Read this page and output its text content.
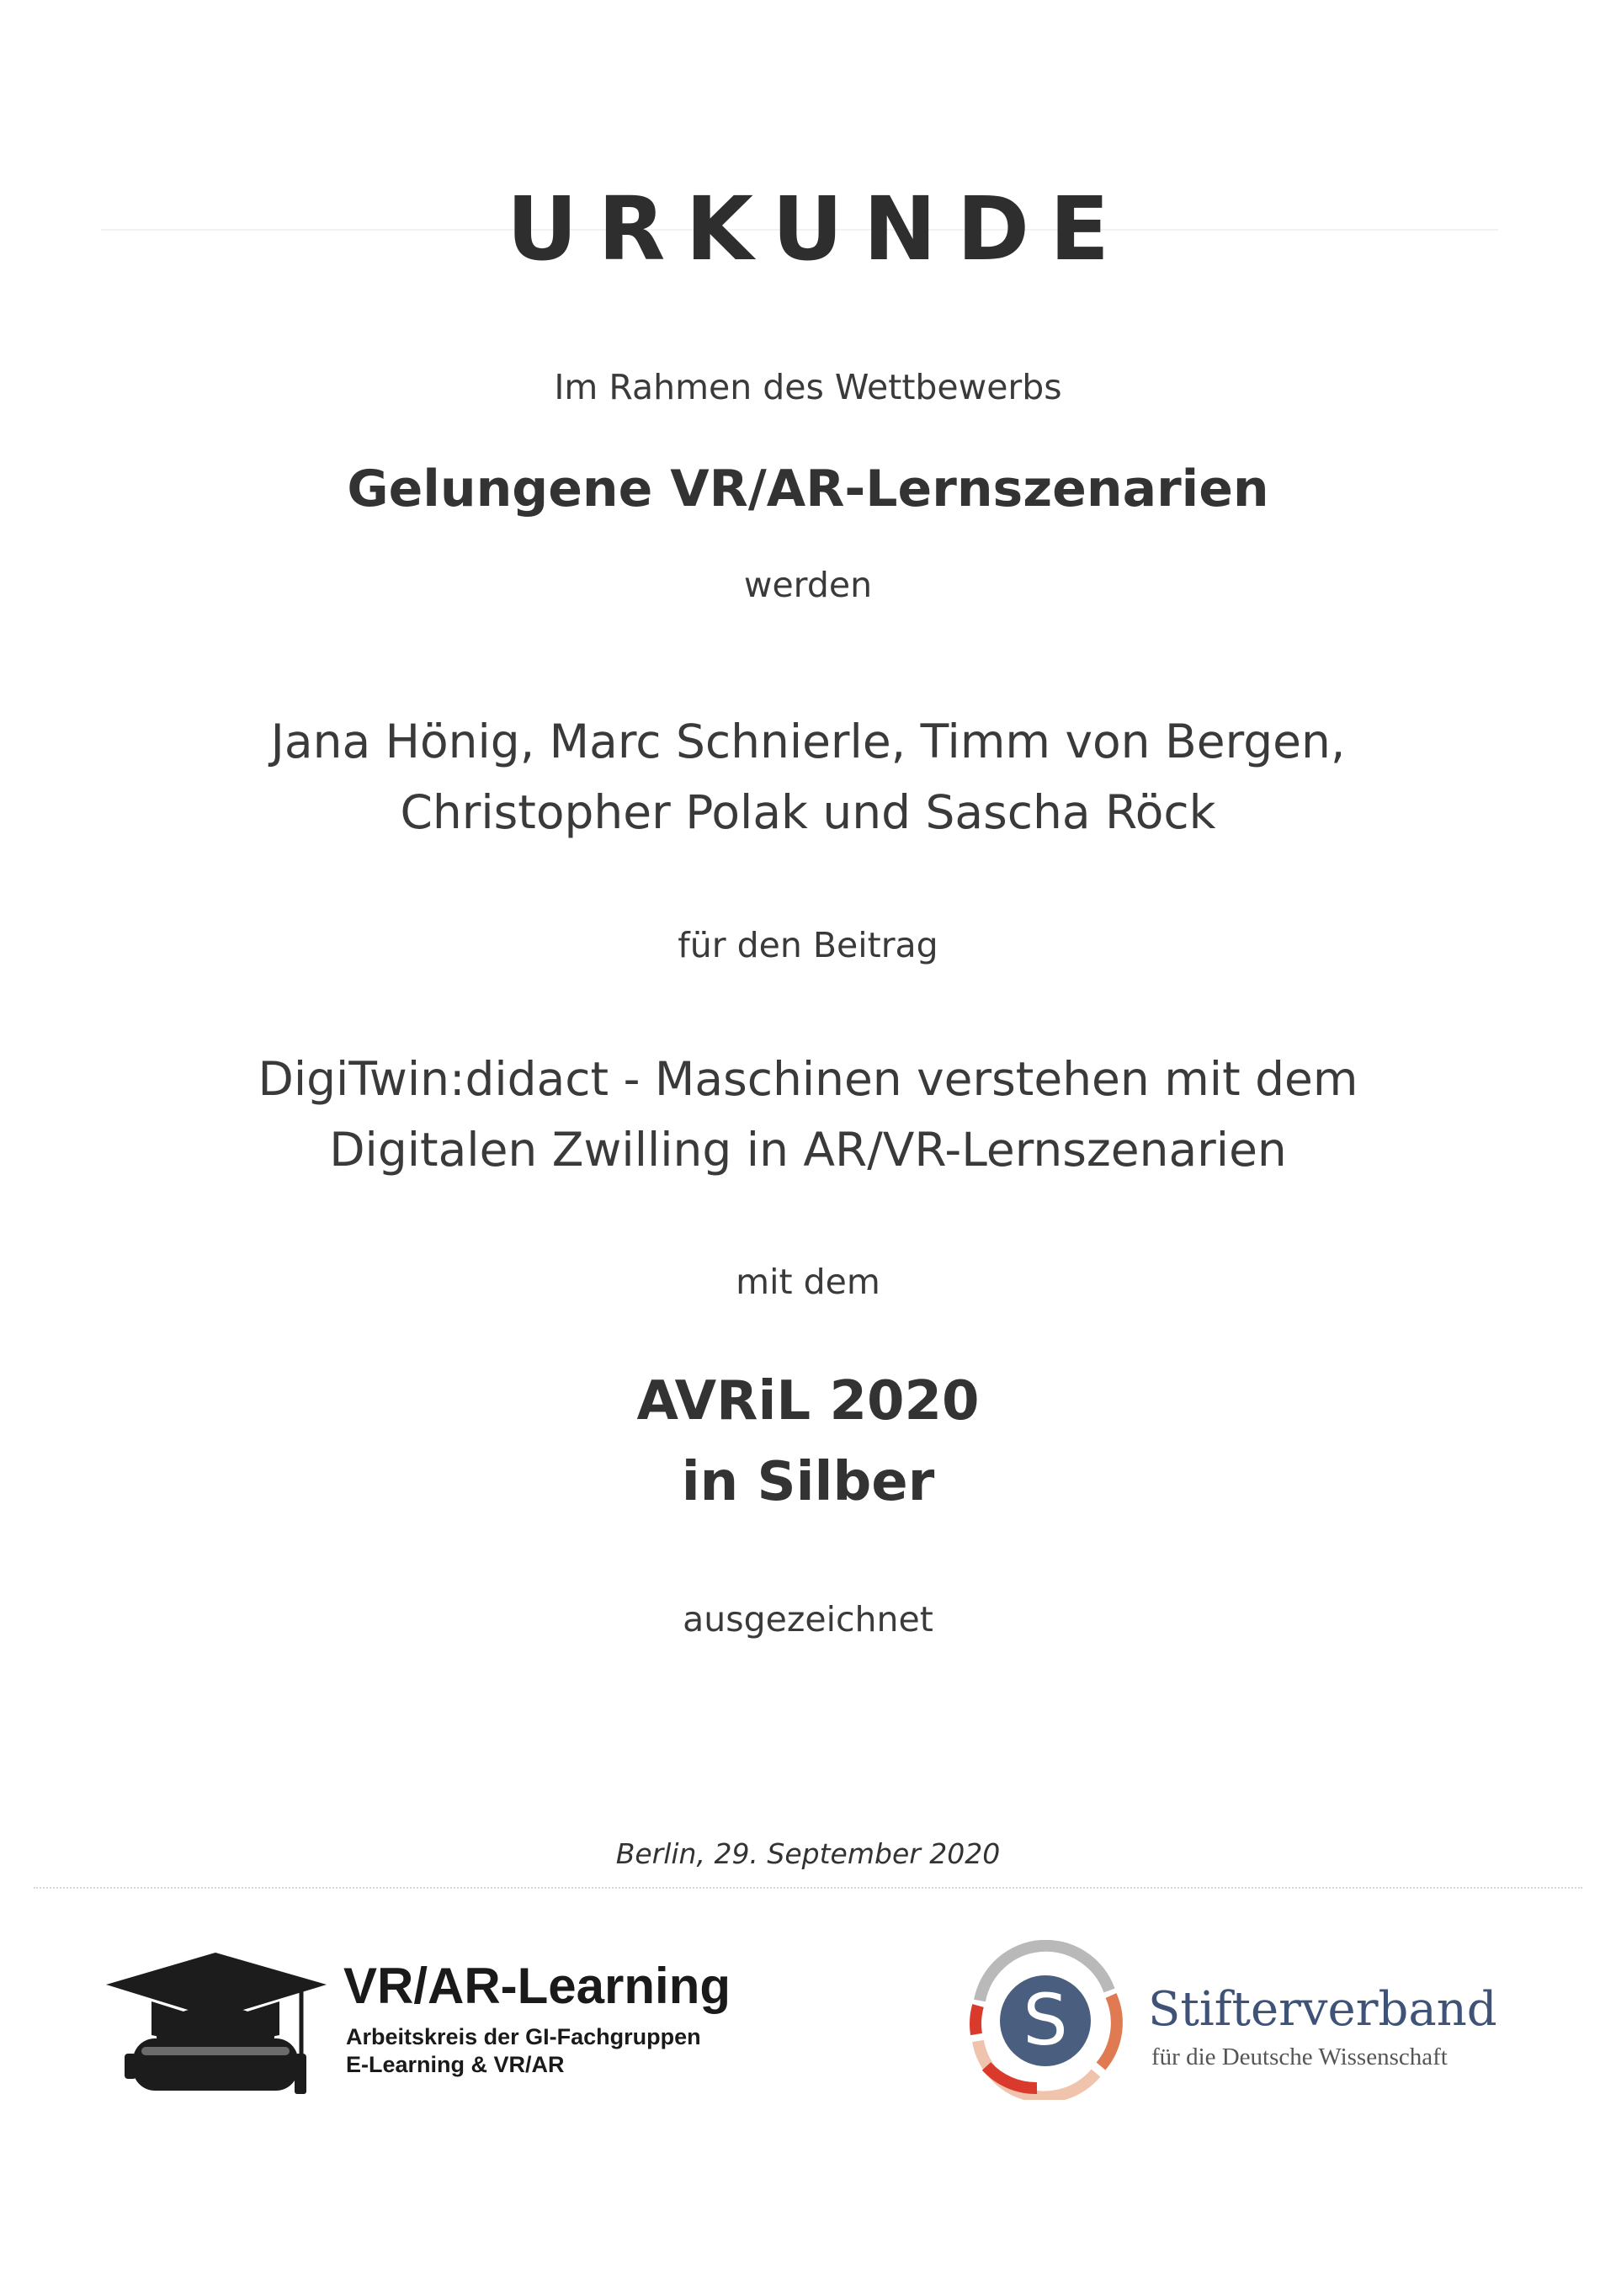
URKUNDE

Im Rahmen des Wettbewerbs

Gelungene VR/AR-Lernszenarien

werden

Jana Hönig, Marc Schnierle, Timm von Bergen,

Christopher Polak und Sascha Röck

für den Beitrag

DigiTwin:didact - Maschinen verstehen mit dem

Digitalen Zwilling in AR/VR-Lernszenarien

mit dem

AVRiL 2020

in Silber

ausgezeichnet

Berlin, 29. September 2020

VR/AR-Learning
Arbeitskreis der GI-Fachgruppen
E-Learning & VR/AR
S Stifterverband
für die Deutsche Wissenschaft
